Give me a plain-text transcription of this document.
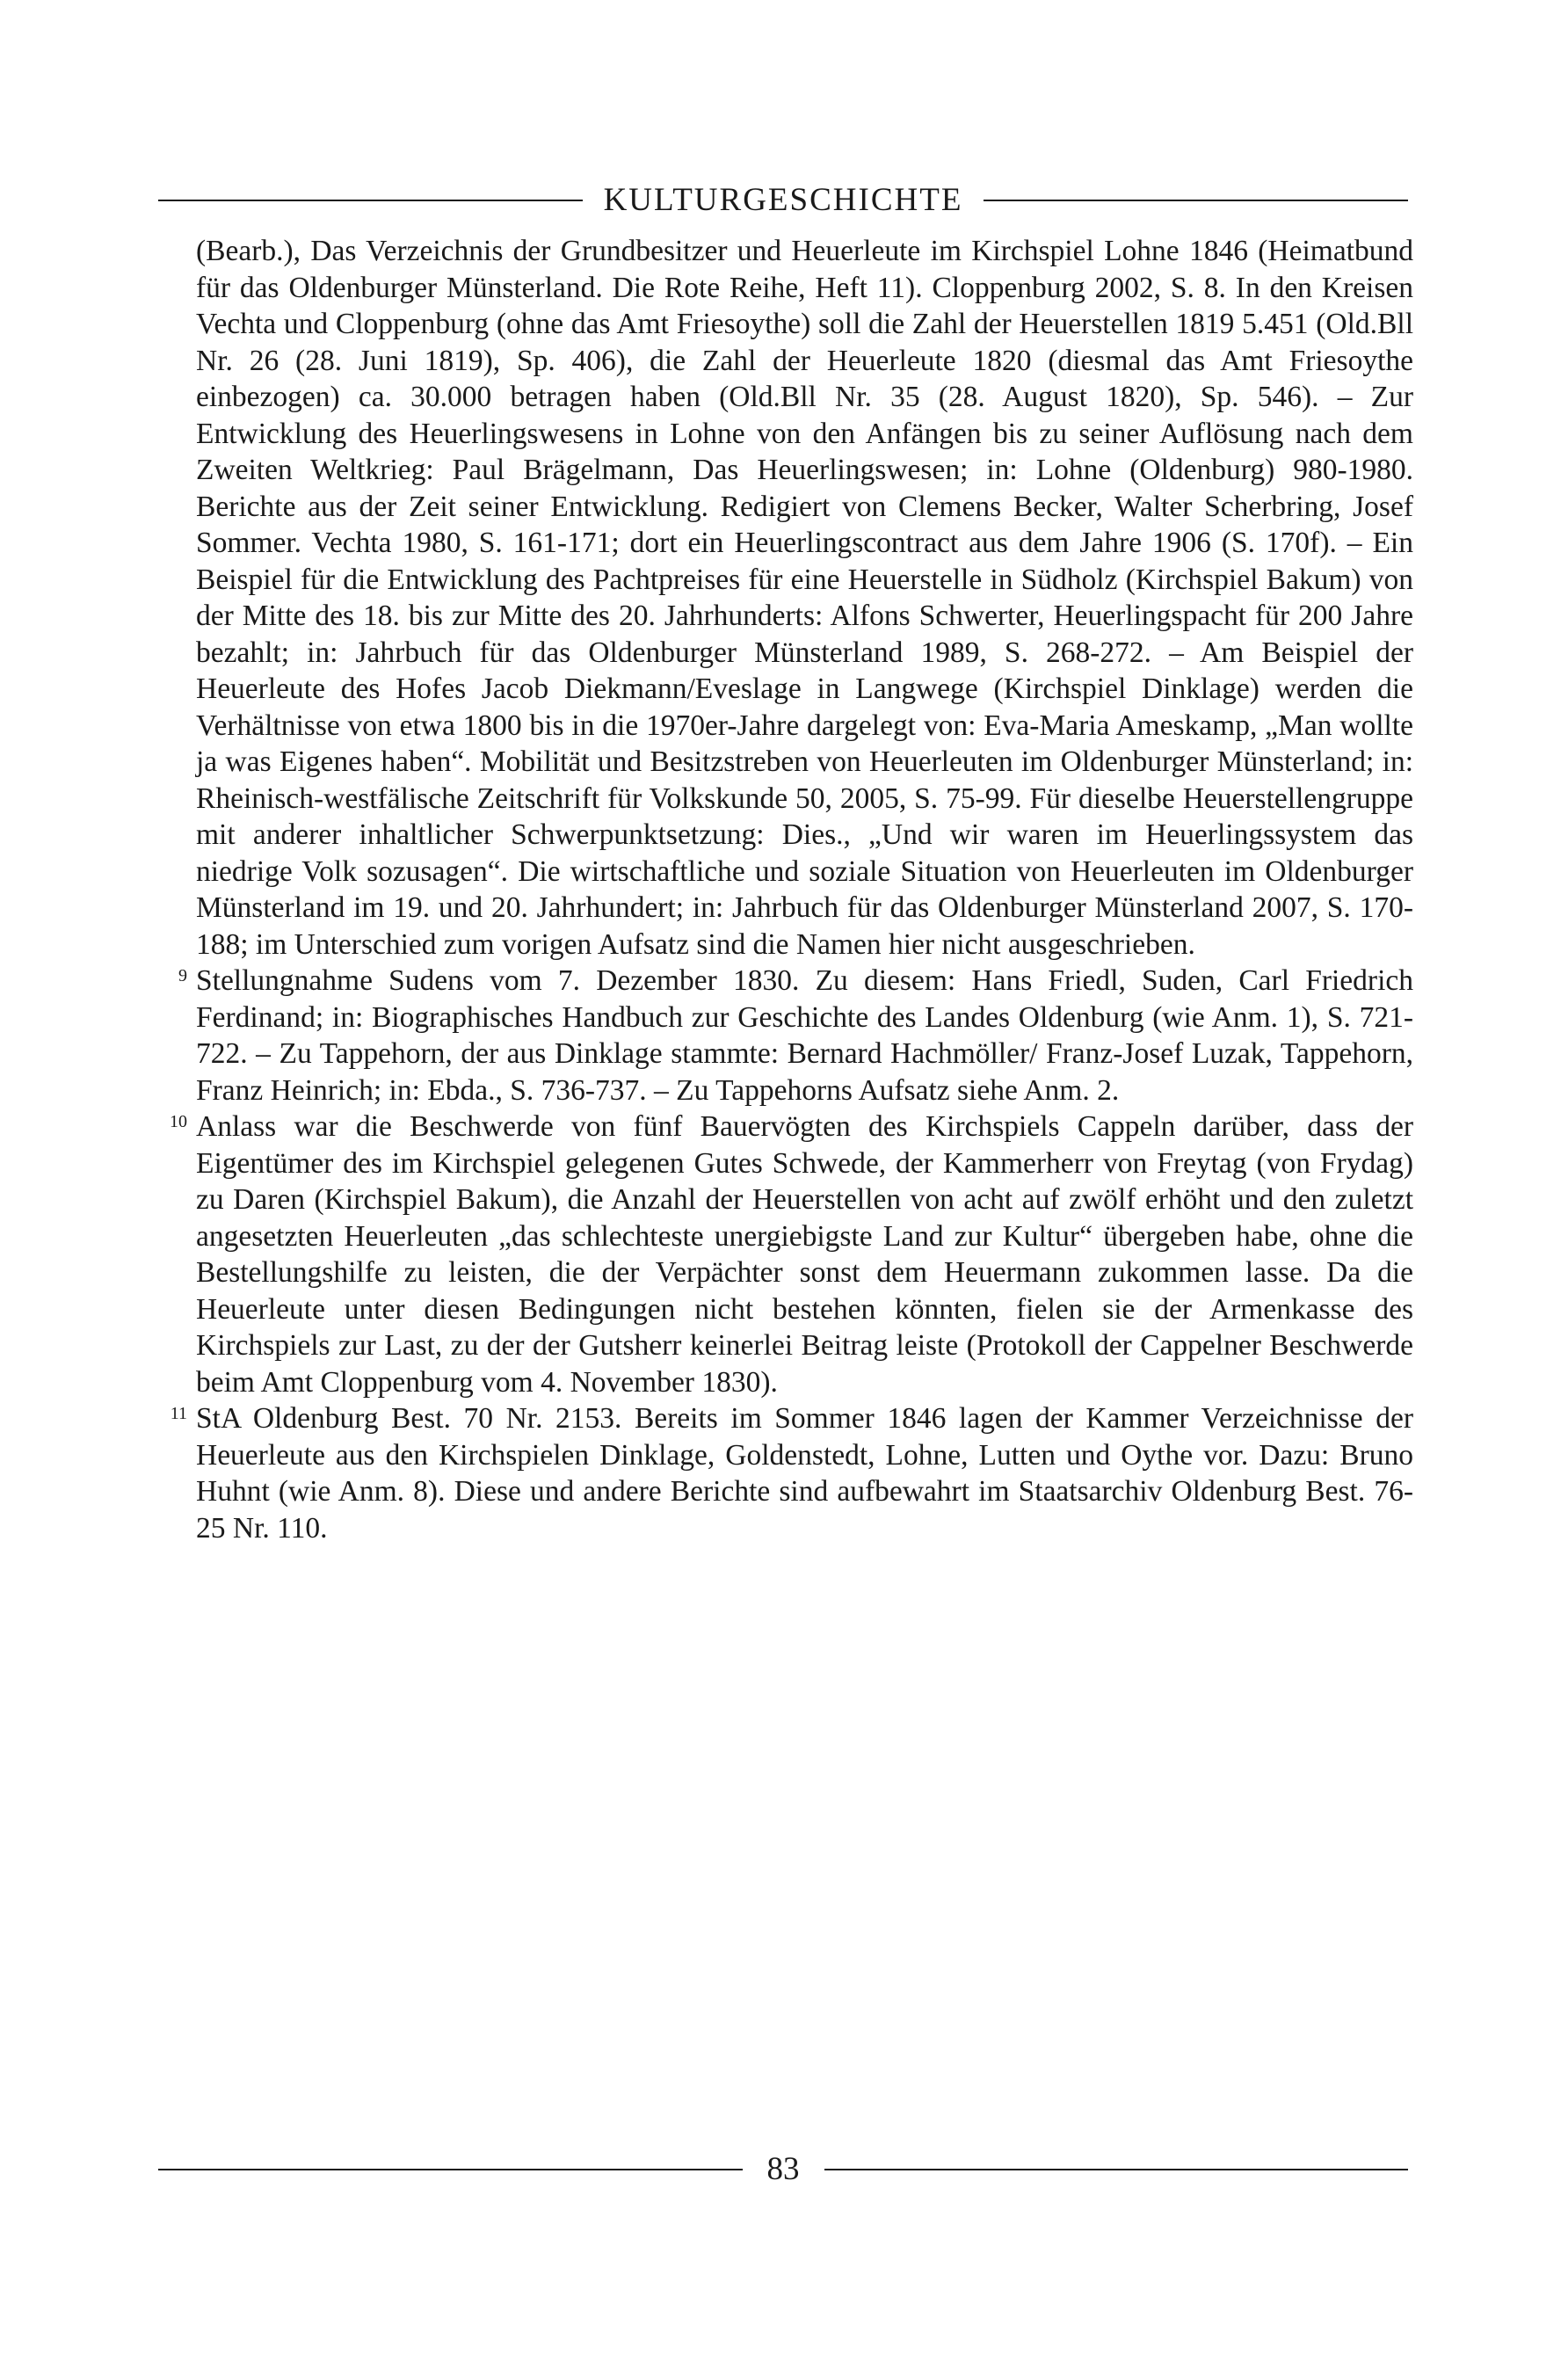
KULTURGESCHICHTE

(Bearb.), Das Verzeichnis der Grundbesitzer und Heuerleute im Kirchspiel Lohne 1846 (Heimatbund für das Oldenburger Münsterland. Die Rote Reihe, Heft 11). Cloppenburg 2002, S. 8. In den Kreisen Vechta und Cloppenburg (ohne das Amt Friesoythe) soll die Zahl der Heuerstellen 1819 5.451 (Old.Bll Nr. 26 (28. Juni 1819), Sp. 406), die Zahl der Heuerleute 1820 (diesmal das Amt Friesoythe einbezogen) ca. 30.000 betragen haben (Old.Bll Nr. 35 (28. August 1820), Sp. 546). – Zur Entwicklung des Heuerlingswesens in Lohne von den Anfängen bis zu seiner Auflösung nach dem Zweiten Weltkrieg: Paul Brägelmann, Das Heuerlingswesen; in: Lohne (Oldenburg) 980-1980. Berichte aus der Zeit seiner Entwicklung. Redigiert von Clemens Becker, Walter Scherbring, Josef Sommer. Vechta 1980, S. 161-171; dort ein Heuerlingscontract aus dem Jahre 1906 (S. 170f). – Ein Beispiel für die Entwicklung des Pachtpreises für eine Heuerstelle in Südholz (Kirchspiel Bakum) von der Mitte des 18. bis zur Mitte des 20. Jahrhunderts: Alfons Schwerter, Heuerlingspacht für 200 Jahre bezahlt; in: Jahrbuch für das Oldenburger Münsterland 1989, S. 268-272. – Am Beispiel der Heuerleute des Hofes Jacob Diekmann/Eveslage in Langwege (Kirchspiel Dinklage) werden die Verhältnisse von etwa 1800 bis in die 1970er-Jahre dargelegt von: Eva-Maria Ameskamp, „Man wollte ja was Eigenes haben“. Mobilität und Besitzstreben von Heuerleuten im Oldenburger Münsterland; in: Rheinisch-westfälische Zeitschrift für Volkskunde 50, 2005, S. 75-99. Für dieselbe Heuerstellengruppe mit anderer inhaltlicher Schwerpunktsetzung: Dies., „Und wir waren im Heuerlingssystem das niedrige Volk sozusagen“. Die wirtschaftliche und soziale Situation von Heuerleuten im Oldenburger Münsterland im 19. und 20. Jahrhundert; in: Jahrbuch für das Oldenburger Münsterland 2007, S. 170-188; im Unterschied zum vorigen Aufsatz sind die Namen hier nicht ausgeschrieben.

9 Stellungnahme Sudens vom 7. Dezember 1830. Zu diesem: Hans Friedl, Suden, Carl Friedrich Ferdinand; in: Biographisches Handbuch zur Geschichte des Landes Oldenburg (wie Anm. 1), S. 721-722. – Zu Tappehorn, der aus Dinklage stammte: Bernard Hachmöller/ Franz-Josef Luzak, Tappehorn, Franz Heinrich; in: Ebda., S. 736-737. – Zu Tappehorns Aufsatz siehe Anm. 2.
10 Anlass war die Beschwerde von fünf Bauervögten des Kirchspiels Cappeln darüber, dass der Eigentümer des im Kirchspiel gelegenen Gutes Schwede, der Kammerherr von Freytag (von Frydag) zu Daren (Kirchspiel Bakum), die Anzahl der Heuerstellen von acht auf zwölf erhöht und den zuletzt angesetzten Heuerleuten „das schlechteste unergiebigste Land zur Kultur“ übergeben habe, ohne die Bestellungshilfe zu leisten, die der Verpächter sonst dem Heuermann zukommen lasse. Da die Heuerleute unter diesen Bedingungen nicht bestehen könnten, fielen sie der Armenkasse des Kirchspiels zur Last, zu der der Gutsherr keinerlei Beitrag leiste (Protokoll der Cappelner Beschwerde beim Amt Cloppenburg vom 4. November 1830).
11 StA Oldenburg Best. 70 Nr. 2153. Bereits im Sommer 1846 lagen der Kammer Verzeichnisse der Heuerleute aus den Kirchspielen Dinklage, Goldenstedt, Lohne, Lutten und Oythe vor. Dazu: Bruno Huhnt (wie Anm. 8). Diese und andere Berichte sind aufbewahrt im Staatsarchiv Oldenburg Best. 76-25 Nr. 110.
83
